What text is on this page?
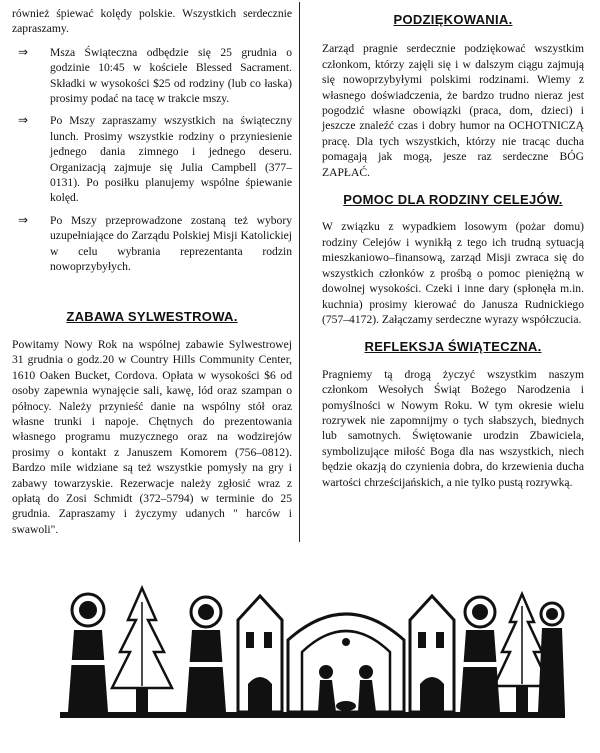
również śpiewać kolędy polskie. Wszystkich serdecznie zapraszamy.

⇒ Msza Świąteczna odbędzie się 25 grudnia o godzinie 10:45 w kościele Blessed Sacrament. Składki w wysokości $25 od rodziny (lub co łaska) prosimy podać na tacę w trakcie mszy.
⇒ Po Mszy zapraszamy wszystkich na świąteczny lunch. Prosimy wszystkie rodziny o przyniesienie jednego dania zimnego i jednego deseru. Organizacją zajmuje się Julia Campbell (377–0131). Po posiłku planujemy wspólne śpiewanie kolęd.
⇒ Po Mszy przeprowadzone zostaną też wybory uzupełniające do Zarządu Polskiej Misji Katolickiej w celu wybrania reprezentanta rodzin nowoprzybyłych.
ZABAWA SYLWESTROWA.

Powitamy Nowy Rok na wspólnej zabawie Sylwestrowej 31 grudnia o godz.20 w Country Hills Community Center, 1610 Oaken Bucket, Cordova. Opłata w wysokości $6 od osoby zapewnia wynajęcie sali, kawę, lód oraz szampan o północy. Należy przynieść danie na wspólny stół oraz własne trunki i napoje. Chętnych do prezentowania własnego programu muzycznego oraz na wodzirejów prosimy o kontakt z Januszem Komorem (756–0812). Bardzo mile widziane są też wszystkie pomysły na gry i zabawy towarzyskie. Rezerwacje należy zgłosić wraz z opłatą do Zosi Schmidt (372–5794) w terminie do 25 grudnia. Zapraszamy i życzymy udanych " harców i swawoli".

PODZIĘKOWANIA.

Zarząd pragnie serdecznie podziękować wszystkim członkom, którzy zajęli się i w dalszym ciągu zajmują się nowoprzybyłymi polskimi rodzinami. Wiemy z własnego doświadczenia, że bardzo trudno nieraz jest pogodzić własne obowiązki (praca, dom, dzieci) i jeszcze znaleźć czas i dobry humor na OCHOTNICZĄ pracę. Dla tych wszystkich, którzy nie tracąc ducha pomagają jak mogą, jesze raz serdeczne BÓG ZAPŁAĆ.

POMOC DLA RODZINY CELEJÓW.

W związku z wypadkiem losowym (pożar domu) rodziny Celejów i wynikłą z tego ich trudną sytuacją mieszkaniowo–finansową, zarząd Misji zwraca się do wszystkich członków z prośbą o pomoc pieniężną w dowolnej wysokości. Czeki i inne dary (spłonęła m.in. kuchnia) prosimy kierować do Janusza Rudnickiego (757–4172). Załączamy serdeczne wyrazy współczucia.

REFLEKSJA ŚWIĄTECZNA.

Pragniemy tą drogą życzyć wszystkim naszym członkom Wesołych Świąt Bożego Narodzenia i pomyślności w Nowym Roku. W tym okresie wielu rozrywek nie zapomnijmy o tych słabszych, biednych lub samotnych. Świętowanie urodzin Zbawiciela, symbolizujące miłość Boga dla nas wszystkich, niech będzie okazją do czynienia dobra, do krzewienia ducha wartości chrześcijańskich, a nie tylko pustą rozrywką.
